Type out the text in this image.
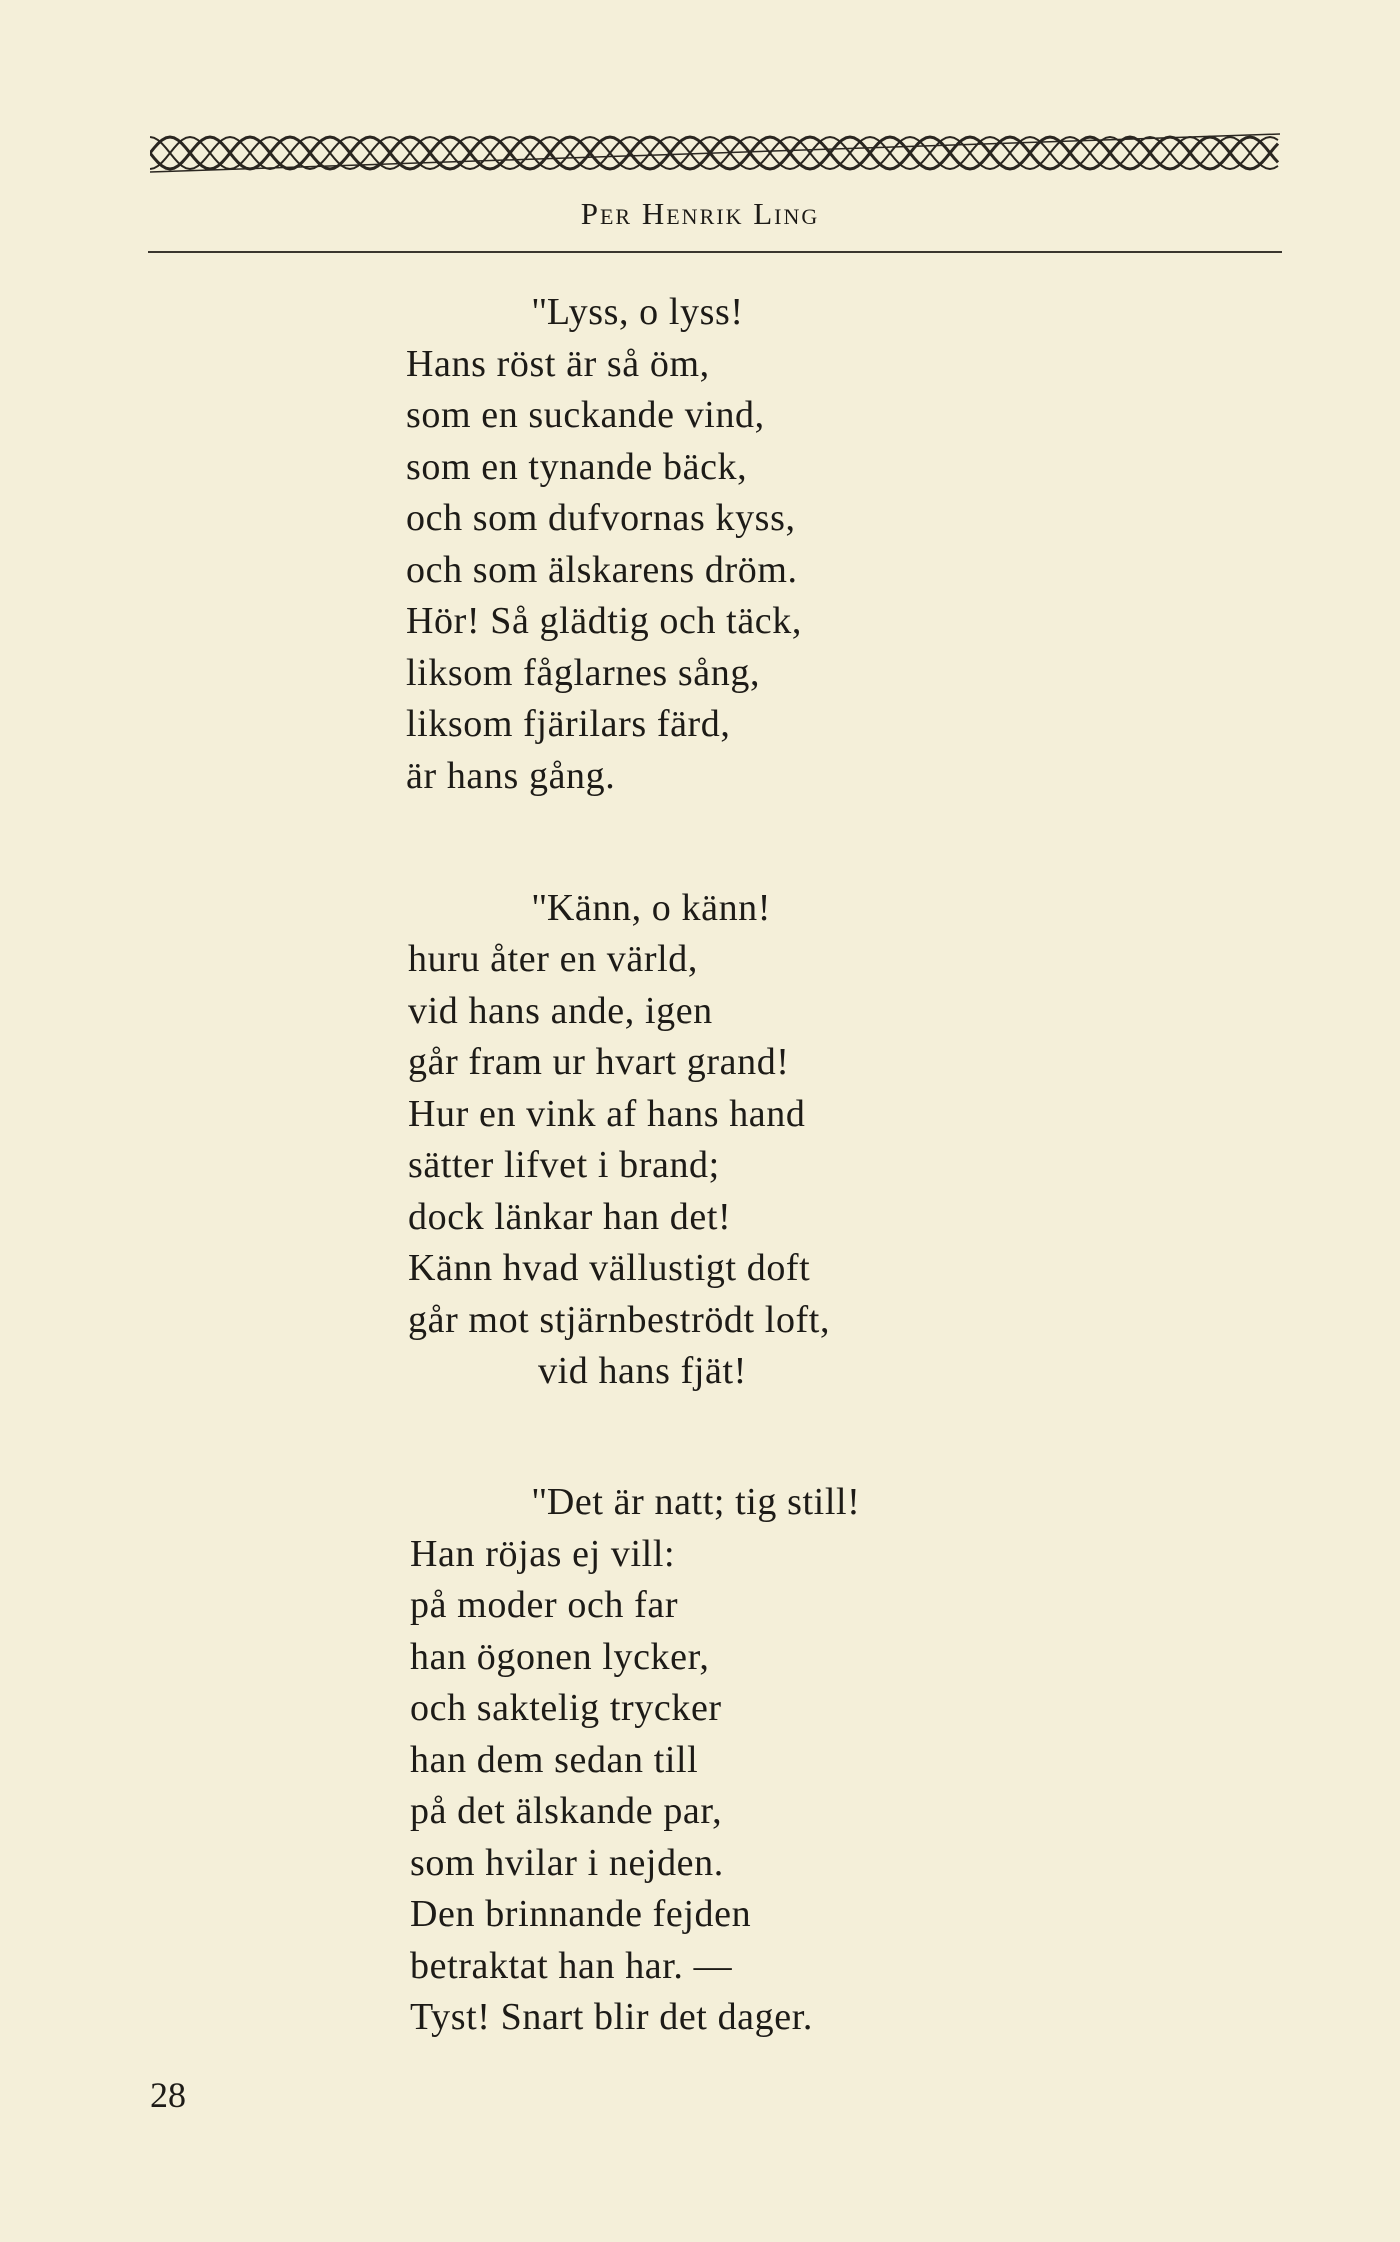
Per Henrik Ling
''Lyss, o lyss!
Hans röst är så öm,
som en suckande vind,
som en tynande bäck,
och som dufvornas kyss,
och som älskarens dröm.
Hör! Så glädtig och täck,
liksom fåglarnes sång,
liksom fjärilars färd,
är hans gång.
''Känn, o känn!
huru åter en värld,
vid hans ande, igen
går fram ur hvart grand!
Hur en vink af hans hand
sätter lifvet i brand;
dock länkar han det!
Känn hvad vällustigt doft
går mot stjärnbeströdt loft,
vid hans fjät!
''Det är natt; tig still!
Han röjas ej vill:
på moder och far
han ögonen lycker,
och saktelig trycker
han dem sedan till
på det älskande par,
som hvilar i nejden.
Den brinnande fejden
betraktat han har. —
Tyst! Snart blir det dager.
28
